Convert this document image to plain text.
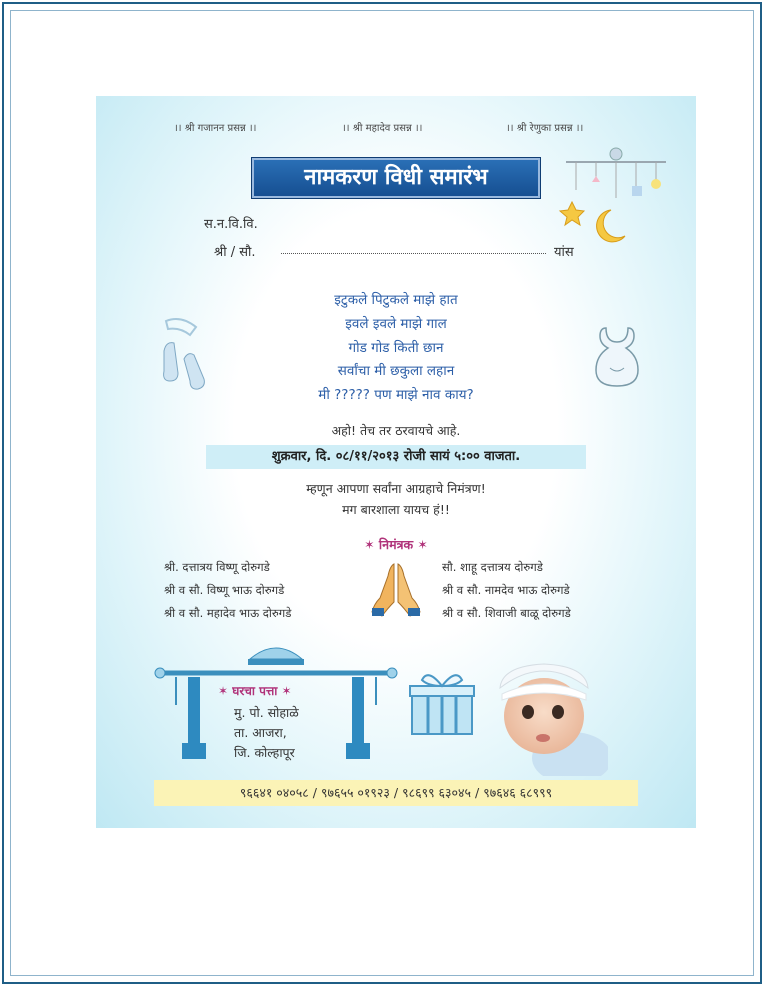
।। श्री गजानन प्रसन्न ।।	।। श्री महादेव प्रसन्न ।।	।। श्री रेणुका प्रसन्न ।।
नामकरण विधी समारंभ
स.न.वि.वि.
श्री / सौ.	यांस
इटुकले पिटुकले माझे हात
इवले इवले माझे गाल
गोड गोड किती छान
सर्वांचा मी छकुला लहान
मी ????? पण माझे नाव काय?
अहो! तेच तर ठरवायचे आहे.
शुक्रवार, दि. ०८/११/२०१३ रोजी सायं ५:०० वाजता.
म्हणून आपणा सर्वांना आग्रहाचे निमंत्रण!
मग बारशाला यायच हं!!
✶ निमंत्रक ✶
श्री. दत्तात्रय विष्णू दोरुगडे
श्री व सौ. विष्णू भाऊ दोरुगडे
श्री व सौ. महादेव भाऊ दोरुगडे
सौ. शाहू दत्तात्रय दोरुगडे
श्री व सौ. नामदेव भाऊ दोरुगडे
श्री व सौ. शिवाजी बाळू दोरुगडे
✶ घरचा पत्ता ✶
मु. पो. सोहाळे
ता. आजरा,
जि. कोल्हापूर
९६६४१ ०४०५८ / ९७६५५ ०१९२३ / ९८६९९ ६३०४५ / ९७६४६ ६८९९९
